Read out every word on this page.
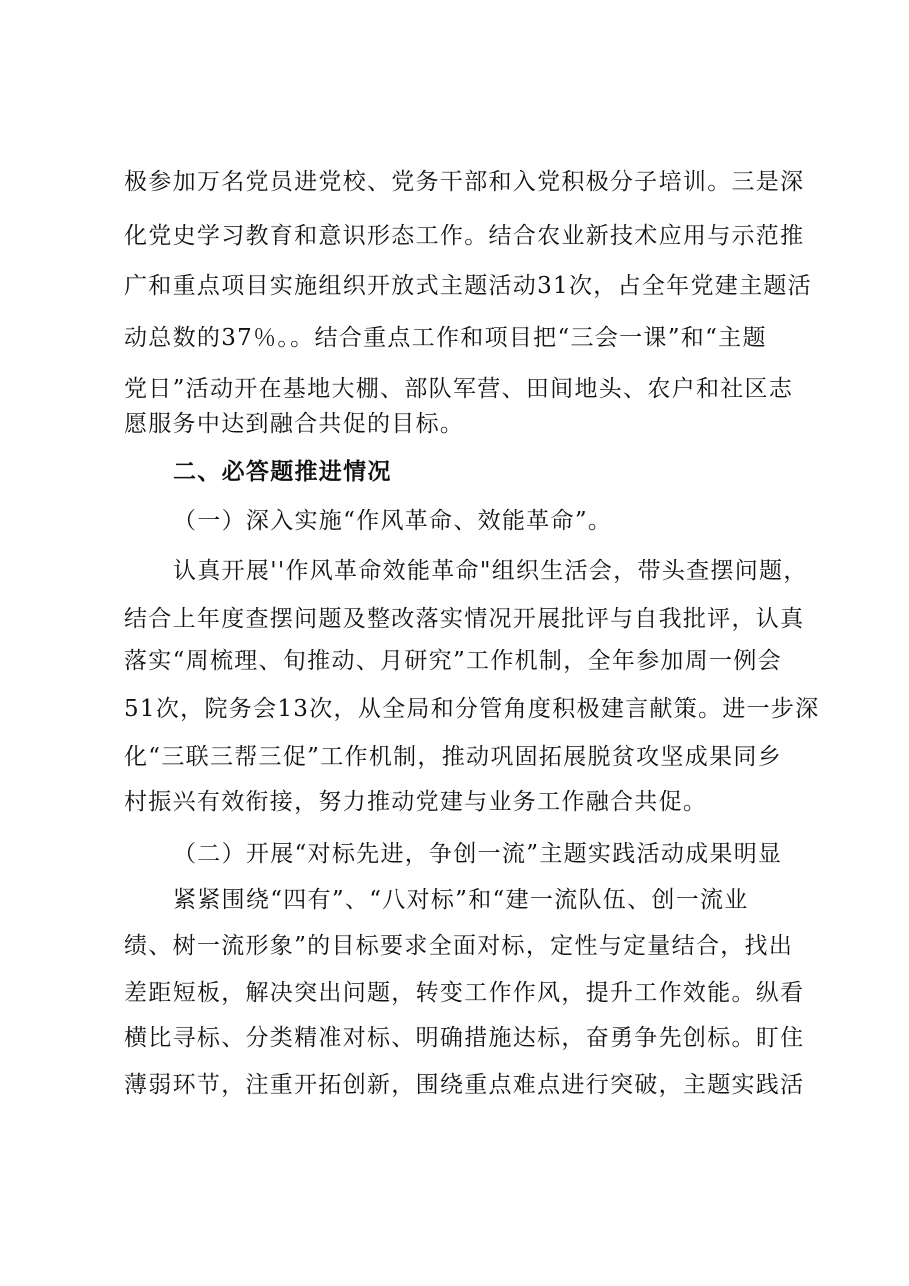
极参加万名党员进党校、党务干部和入党积极分子培训。三是深
化党史学习教育和意识形态工作。结合农业新技术应用与示范推
广和重点项目实施组织开放式主题活动31次，占全年党建主题活
动总数的37％。。结合重点工作和项目把“三会一课”和“主题
党日”活动开在基地大棚、部队军营、田间地头、农户和社区志
愿服务中达到融合共促的目标。
二、必答题推进情况
（一）深入实施“作风革命、效能革命”。
认真开展''作风革命效能革命"组织生活会，带头查摆问题，
结合上年度查摆问题及整改落实情况开展批评与自我批评，认真
落实“周梳理、旬推动、月研究”工作机制，全年参加周一例会
51次，院务会13次，从全局和分管角度积极建言献策。进一步深
化“三联三帮三促”工作机制，推动巩固拓展脱贫攻坚成果同乡
村振兴有效衔接，努力推动党建与业务工作融合共促。
（二）开展“对标先进，争创一流”主题实践活动成果明显
紧紧围绕“四有”、“八对标”和“建一流队伍、创一流业
绩、树一流形象”的目标要求全面对标，定性与定量结合，找出
差距短板，解决突出问题，转变工作作风，提升工作效能。纵看
横比寻标、分类精准对标、明确措施达标，奋勇争先创标。盯住
薄弱环节，注重开拓创新，围绕重点难点进行突破，主题实践活
